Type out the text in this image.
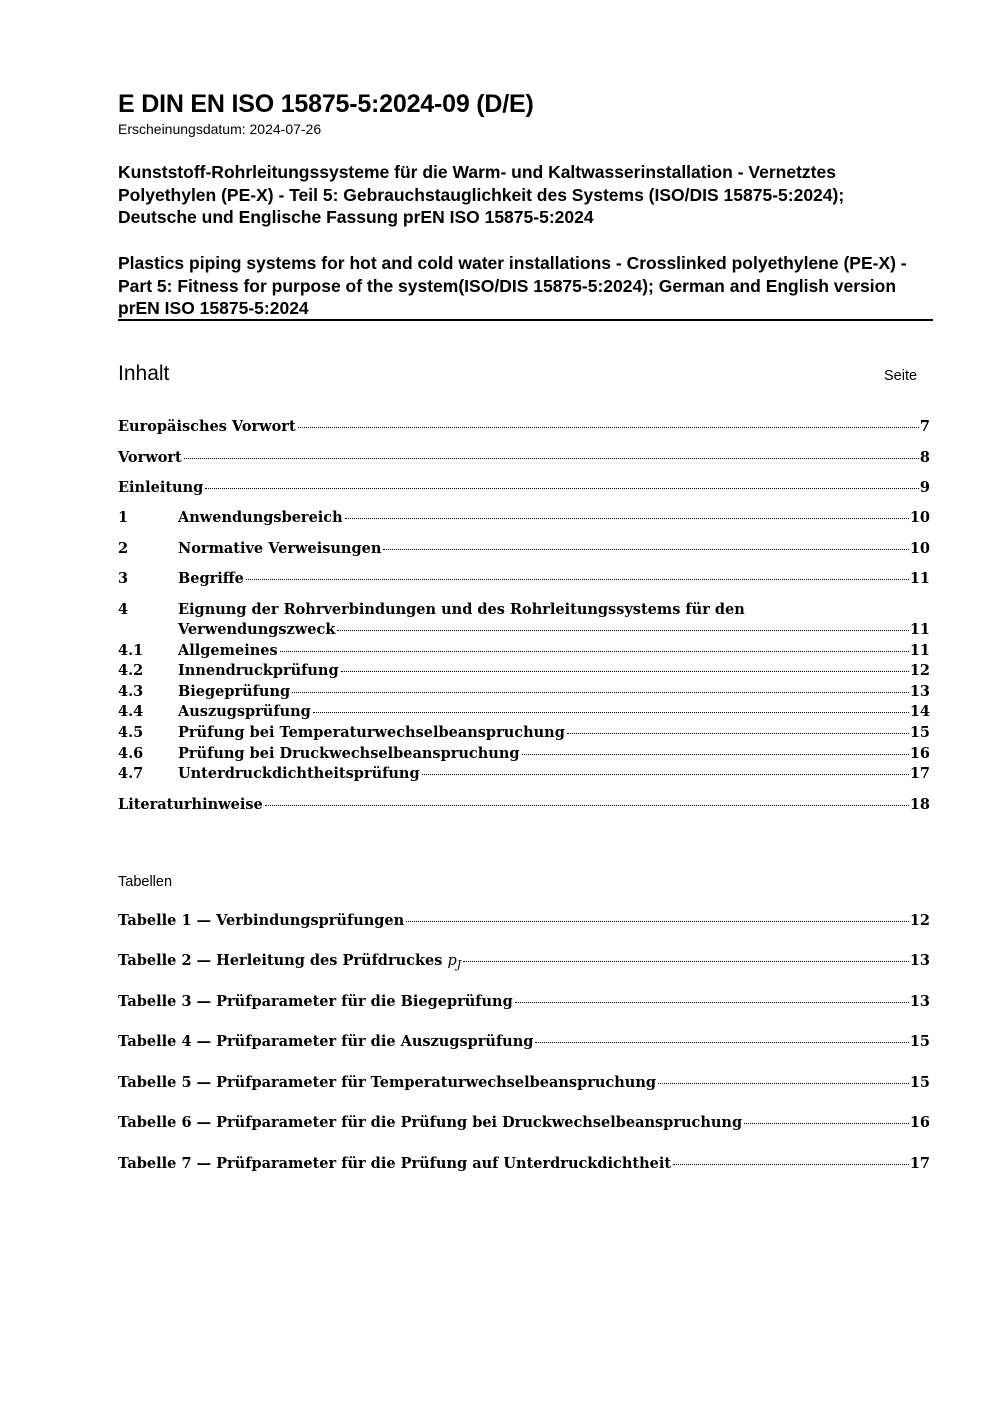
E DIN EN ISO 15875-5:2024-09 (D/E)
Erscheinungsdatum: 2024-07-26
Kunststoff-Rohrleitungssysteme für die Warm- und Kaltwasserinstallation - Vernetztes Polyethylen (PE-X) - Teil 5: Gebrauchstauglichkeit des Systems (ISO/DIS 15875-5:2024); Deutsche und Englische Fassung prEN ISO 15875-5:2024
Plastics piping systems for hot and cold water installations - Crosslinked polyethylene (PE-X) - Part 5: Fitness for purpose of the system(ISO/DIS 15875-5:2024); German and English version prEN ISO 15875-5:2024
Inhalt	Seite
Europäisches Vorwort	7
Vorwort	8
Einleitung	9
1	Anwendungsbereich	10
2	Normative Verweisungen	10
3	Begriffe	11
4	Eignung der Rohrverbindungen und des Rohrleitungssystems für den
Verwendungszweck	11
4.1	Allgemeines	11
4.2	Innendruckprüfung	12
4.3	Biegeprüfung	13
4.4	Auszugsprüfung	14
4.5	Prüfung bei Temperaturwechselbeanspruchung	15
4.6	Prüfung bei Druckwechselbeanspruchung	16
4.7	Unterdruckdichtheitsprüfung	17
Literaturhinweise	18
Tabellen
Tabelle 1 — Verbindungsprüfungen	12
Tabelle 2 — Herleitung des Prüfdruckes $p_J$	13
Tabelle 3 — Prüfparameter für die Biegeprüfung	13
Tabelle 4 — Prüfparameter für die Auszugsprüfung	15
Tabelle 5 — Prüfparameter für Temperaturwechselbeanspruchung	15
Tabelle 6 — Prüfparameter für die Prüfung bei Druckwechselbeanspruchung	16
Tabelle 7 — Prüfparameter für die Prüfung auf Unterdruckdichtheit	17
